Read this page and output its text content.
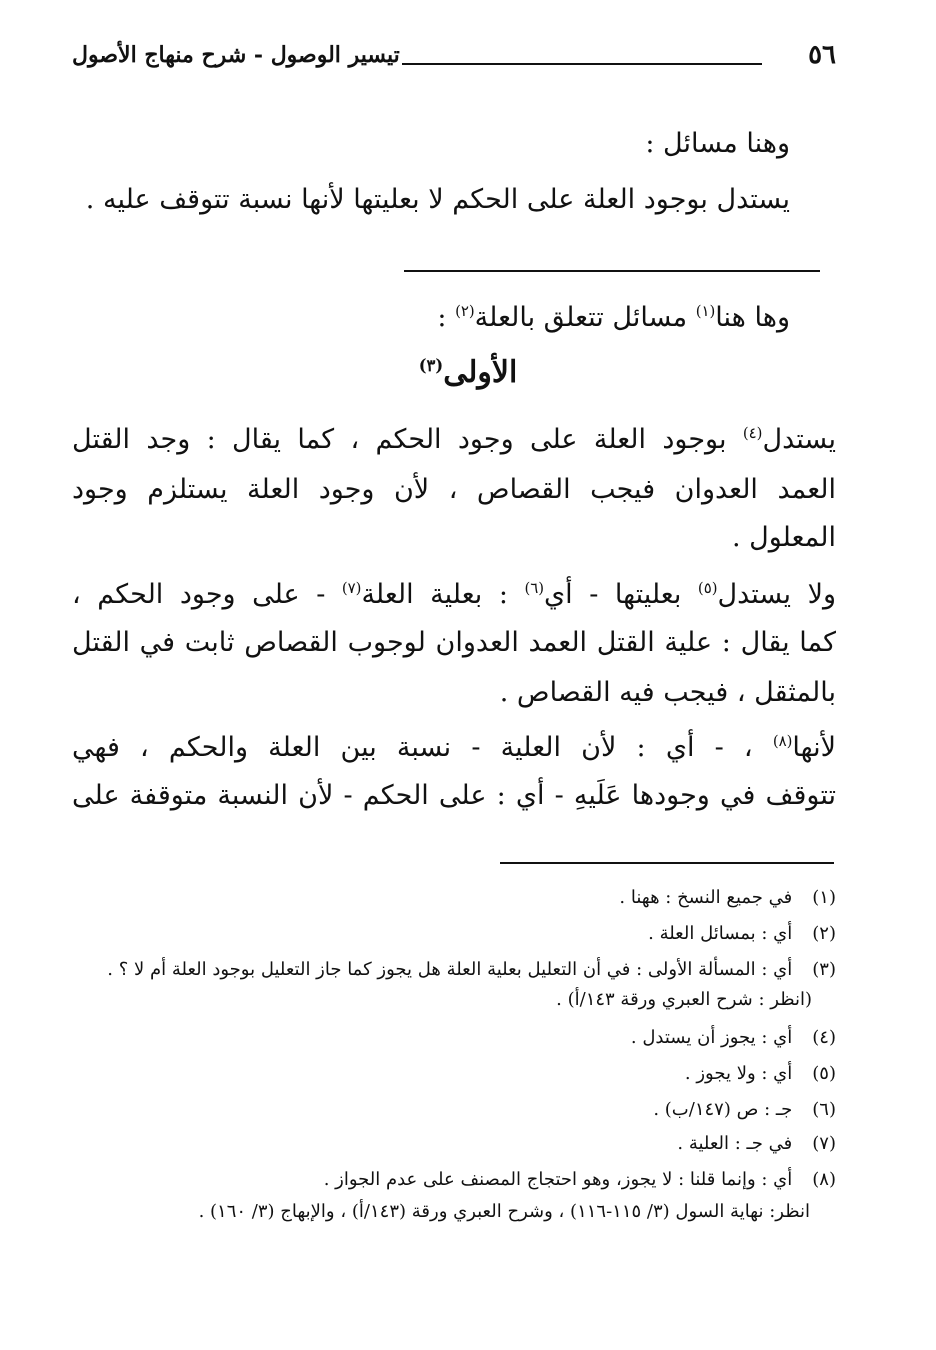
٥٦
تيسير الوصول - شرح منهاج الأصول
وهنا مسائل :
يستدل بوجود العلة على الحكم لا بعليتها لأنها نسبة تتوقف عليه .
وها هنا$^{(١)}$ مسائل تتعلق بالعلة$^{(٢)}$ :
الأولى$^{(٣)}$
يستدل$^{(٤)}$ بوجود العلة على وجود الحكم ، كما يقال : وجد القتل
العمد العدوان فيجب القصاص ، لأن وجود العلة يستلزم وجود
المعلول .
ولا يستدل$^{(٥)}$ بعليتها - أي$^{(٦)}$ : بعلية العلة$^{(٧)}$ - على وجود الحكم ،
كما يقال : علية القتل العمد العدوان لوجوب القصاص ثابت في القتل
بالمثقل ، فيجب فيه القصاص .
لأنها$^{(٨)}$ ، - أي : لأن العلية - نسبة بين العلة والحكم ، فهي
تتوقف في وجودها عَلَيهِ - أي : على الحكم - لأن النسبة متوقفة على
(١) في جميع النسخ : ههنا .
(٢) أي : بمسائل العلة .
(٣) أي : المسألة الأولى : في أن التعليل بعلية العلة هل يجوز كما جاز التعليل بوجود العلة أم لا ؟ .
(انظر : شرح العبري ورقة ١٤٣/أ) .
(٤) أي : يجوز أن يستدل .
(٥) أي : ولا يجوز .
(٦) جـ : ص (١٤٧/ب) .
(٧) في جـ : العلية .
(٨) أي : وإنما قلنا : لا يجوز، وهو احتجاج المصنف على عدم الجواز .
انظر: نهاية السول (٣/ ١١٥-١١٦) ، وشرح العبري ورقة (١٤٣/أ) ، والإبهاج (٣/ ١٦٠) .
